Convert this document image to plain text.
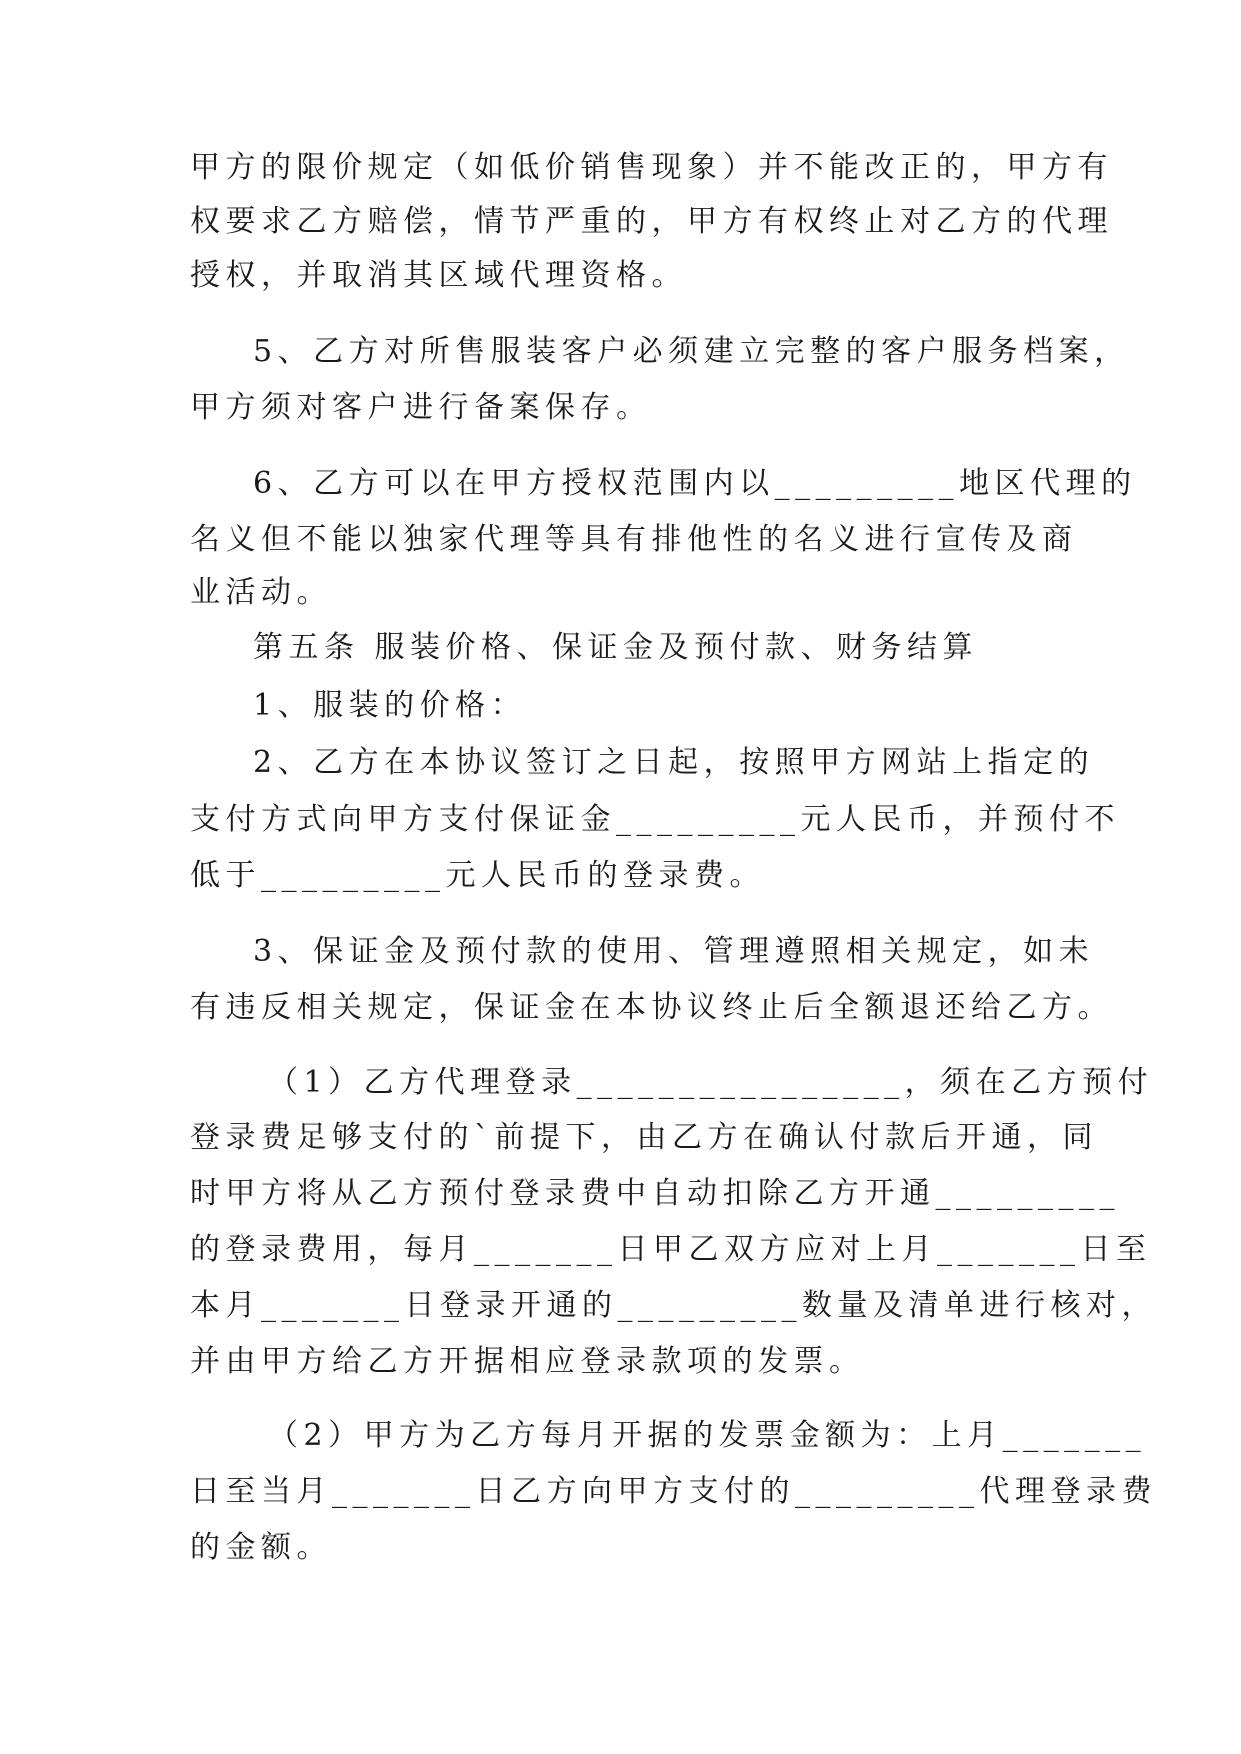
甲方的限价规定（如低价销售现象）并不能改正的，甲方有
权要求乙方赔偿，情节严重的，甲方有权终止对乙方的代理
授权，并取消其区域代理资格。
5、乙方对所售服装客户必须建立完整的客户服务档案，
甲方须对客户进行备案保存。
6、乙方可以在甲方授权范围内以_________地区代理的
名义但不能以独家代理等具有排他性的名义进行宣传及商
业活动。
第五条 服装价格、保证金及预付款、财务结算
1、服装的价格：
2、乙方在本协议签订之日起，按照甲方网站上指定的
支付方式向甲方支付保证金_________元人民币，并预付不
低于_________元人民币的登录费。
3、保证金及预付款的使用、管理遵照相关规定，如未
有违反相关规定，保证金在本协议终止后全额退还给乙方。
（1）乙方代理登录________________，须在乙方预付
登录费足够支付的`前提下，由乙方在确认付款后开通，同
时甲方将从乙方预付登录费中自动扣除乙方开通_________
的登录费用，每月_______日甲乙双方应对上月_______日至
本月_______日登录开通的_________数量及清单进行核对，
并由甲方给乙方开据相应登录款项的发票。
（2）甲方为乙方每月开据的发票金额为：上月_______
日至当月_______日乙方向甲方支付的_________代理登录费
的金额。
